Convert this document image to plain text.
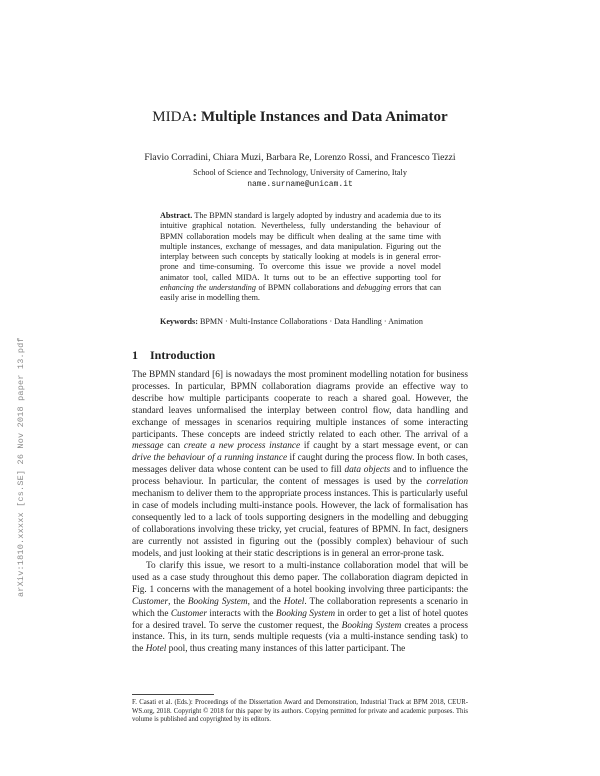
arXiv:1810.xxxxx [cs.SE] 26 Nov 2018 paper 13.pdf
MIDA: Multiple Instances and Data Animator
Flavio Corradini, Chiara Muzi, Barbara Re, Lorenzo Rossi, and Francesco Tiezzi
School of Science and Technology, University of Camerino, Italy
name.surname@unicam.it
Abstract. The BPMN standard is largely adopted by industry and academia due to its intuitive graphical notation. Nevertheless, fully understanding the behaviour of BPMN collaboration models may be difficult when dealing at the same time with multiple instances, exchange of messages, and data manipulation. Figuring out the interplay between such concepts by statically looking at models is in general error-prone and time-consuming. To overcome this issue we provide a novel model animator tool, called MIDA. It turns out to be an effective supporting tool for enhancing the understanding of BPMN collaborations and debugging errors that can easily arise in modelling them.
Keywords: BPMN · Multi-Instance Collaborations · Data Handling · Animation
1 Introduction
The BPMN standard [6] is nowadays the most prominent modelling notation for business processes. In particular, BPMN collaboration diagrams provide an effective way to describe how multiple participants cooperate to reach a shared goal. However, the standard leaves unformalised the interplay between control flow, data handling and exchange of messages in scenarios requiring multiple instances of some interacting participants. These concepts are indeed strictly related to each other. The arrival of a message can create a new process instance if caught by a start message event, or can drive the behaviour of a running instance if caught during the process flow. In both cases, messages deliver data whose content can be used to fill data objects and to influence the process behaviour. In particular, the content of messages is used by the correlation mechanism to deliver them to the appropriate process instances. This is particularly useful in case of models including multi-instance pools. However, the lack of formalisation has consequently led to a lack of tools supporting designers in the modelling and debugging of collaborations involving these tricky, yet crucial, features of BPMN. In fact, designers are currently not assisted in figuring out the (possibly complex) behaviour of such models, and just looking at their static descriptions is in general an error-prone task.
To clarify this issue, we resort to a multi-instance collaboration model that will be used as a case study throughout this demo paper. The collaboration diagram depicted in Fig. 1 concerns with the management of a hotel booking involving three participants: the Customer, the Booking System, and the Hotel. The collaboration represents a scenario in which the Customer interacts with the Booking System in order to get a list of hotel quotes for a desired travel. To serve the customer request, the Booking System creates a process instance. This, in its turn, sends multiple requests (via a multi-instance sending task) to the Hotel pool, thus creating many instances of this latter participant. The
F. Casati et al. (Eds.): Proceedings of the Dissertation Award and Demonstration, Industrial Track at BPM 2018, CEUR-WS.org, 2018. Copyright © 2018 for this paper by its authors. Copying permitted for private and academic purposes. This volume is published and copyrighted by its editors.
